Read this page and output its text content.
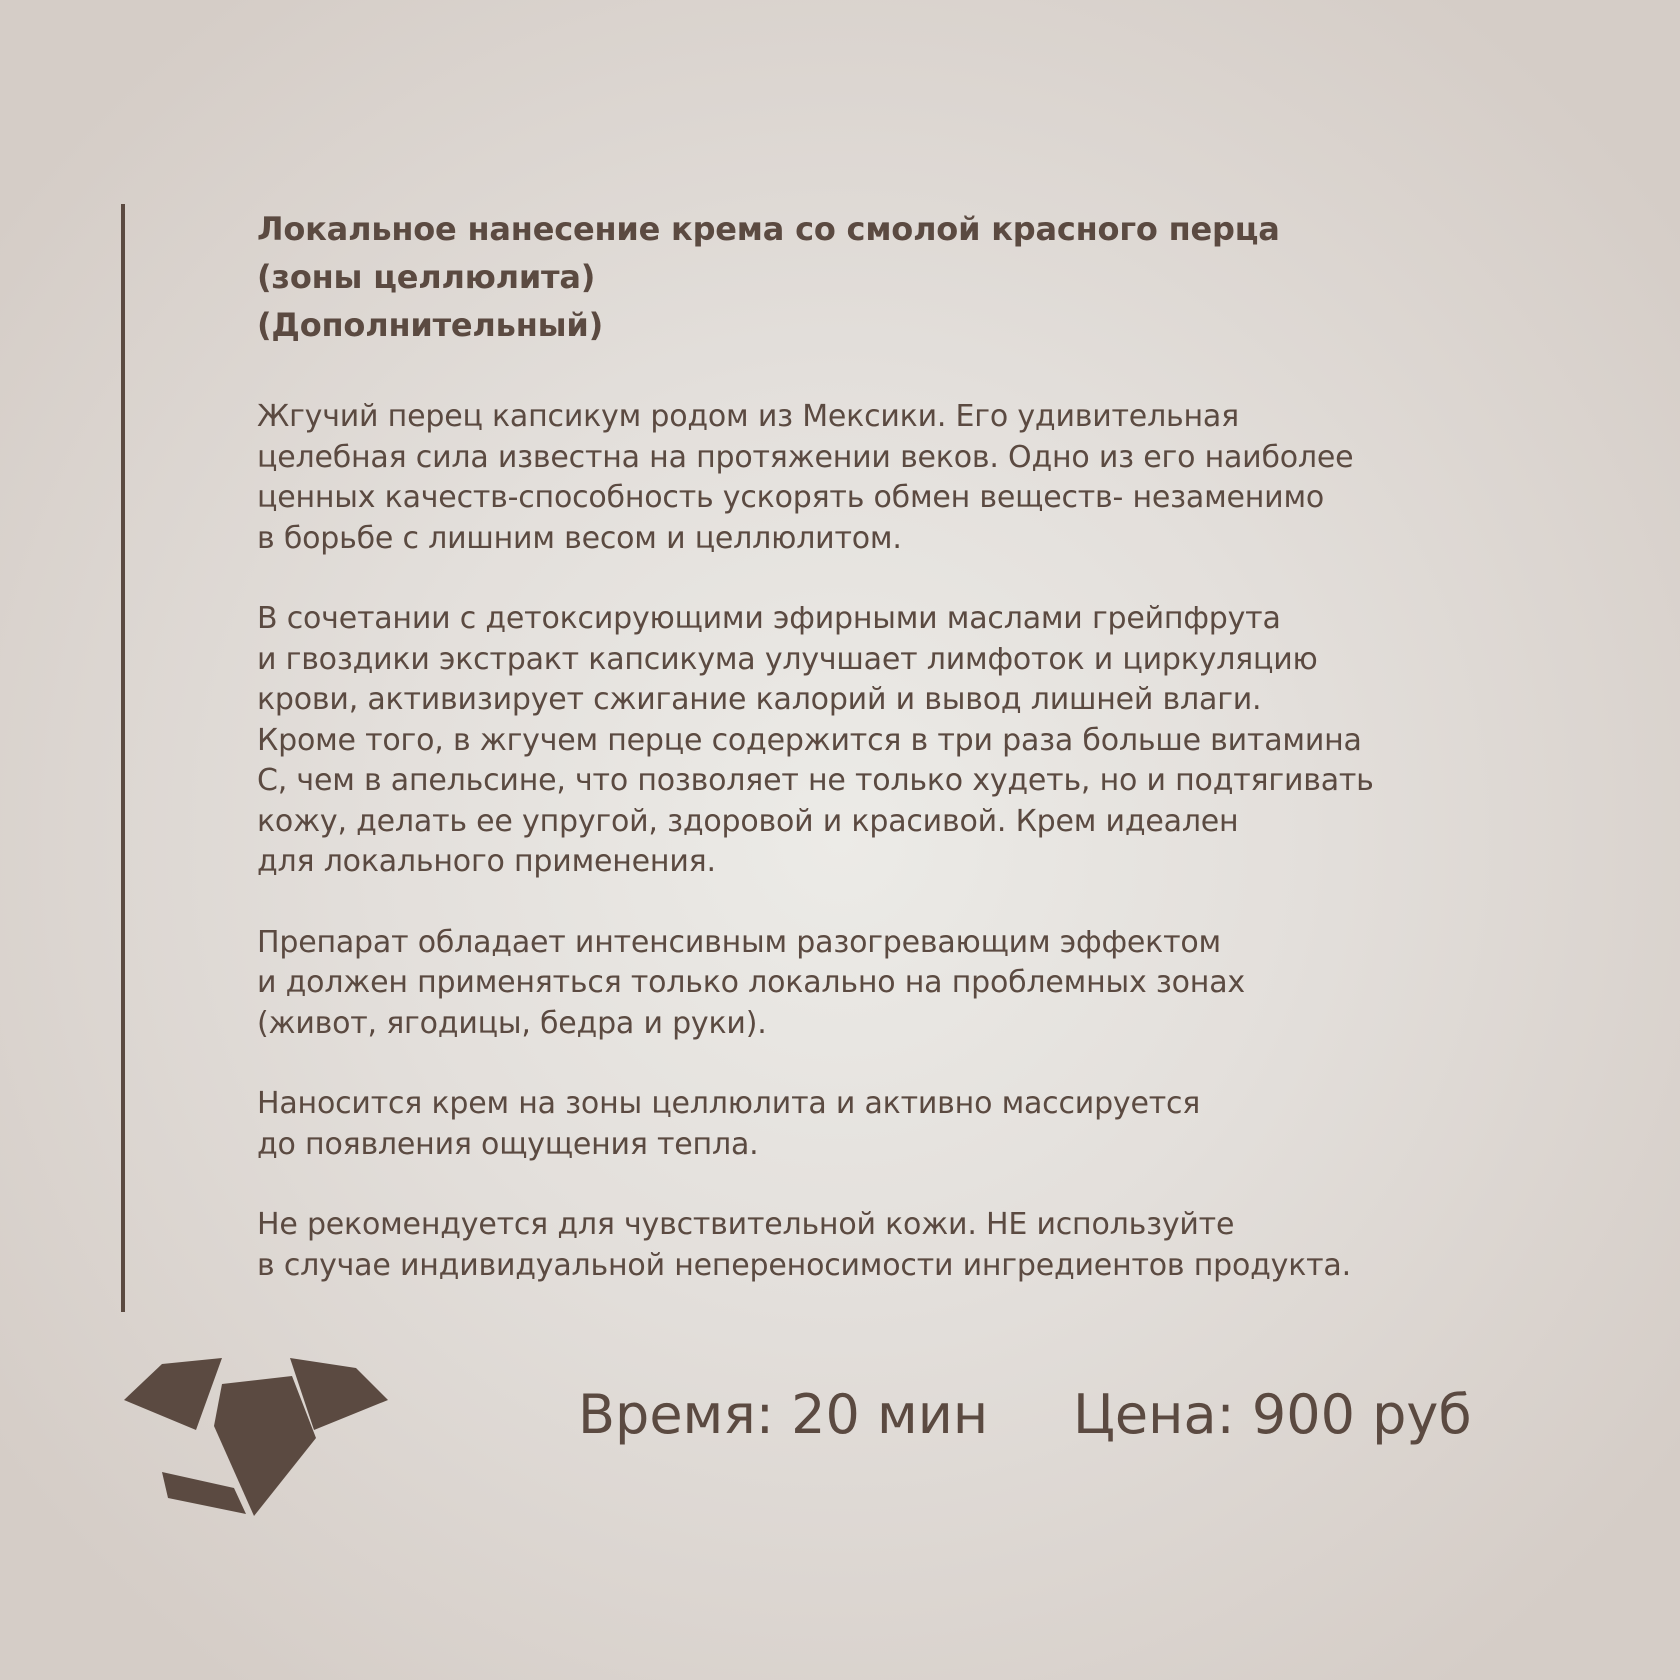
Локальное нанесение крема со смолой красного перца
(зоны целлюлита)
(Дополнительный)

Жгучий перец капсикум родом из Мексики. Его удивительная
целебная сила известна на протяжении веков. Одно из его наиболее
ценных качеств-способность ускорять обмен веществ- незаменимо
в борьбе с лишним весом и целлюлитом.

В сочетании с детоксирующими эфирными маслами грейпфрута
и гвоздики экстракт капсикума улучшает лимфоток и циркуляцию
крови, активизирует сжигание калорий и вывод лишней влаги.
Кроме того, в жгучем перце содержится в три раза больше витамина
С, чем в апельсине, что позволяет не только худеть, но и подтягивать
кожу, делать ее упругой, здоровой и красивой. Крем идеален
для локального применения.

Препарат обладает интенсивным разогревающим эффектом
и должен применяться только локально на проблемных зонах
(живот, ягодицы, бедра и руки).

Наносится крем на зоны целлюлита и активно массируется
до появления ощущения тепла.

Не рекомендуется для чувствительной кожи. НЕ используйте
в случае индивидуальной непереносимости ингредиентов продукта.

Время: 20 мин Цена: 900 руб
